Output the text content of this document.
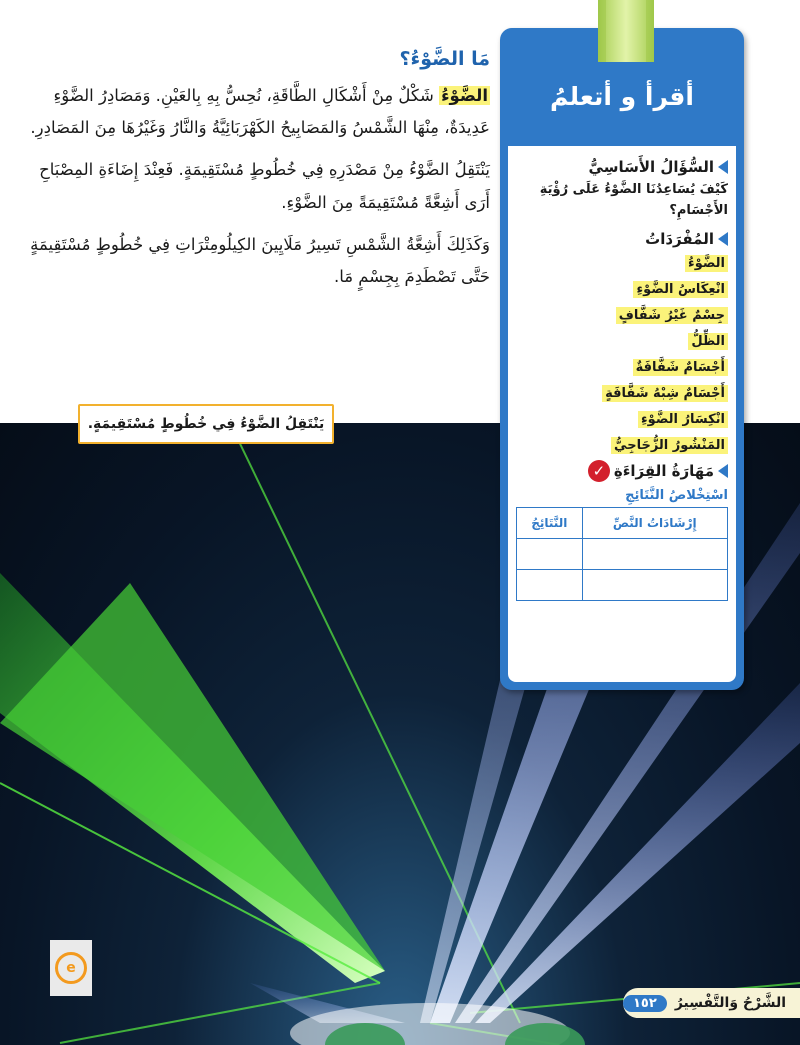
مَا الضَّوْءُ؟

الضَّوْءُ شَكْلٌ مِنْ أَشْكَالِ الطَّاقَةِ، نُحِسُّ بِهِ بِالعَيْنِ. وَمَصَادِرُ الضَّوْءِ عَدِيدَةٌ، مِنْهَا الشَّمْسُ وَالمَصَابِيحُ الكَهْرَبَائِيَّةُ وَالنَّارُ وَغَيْرُهَا مِنَ المَصَادِرِ.

يَنْتَقِلُ الضَّوْءُ مِنْ مَصْدَرِهِ فِي خُطُوطٍ مُسْتَقِيمَةٍ. فَعِنْدَ إِضَاءَةِ المِصْبَاحِ أَرَى أَشِعَّةً مُسْتَقِيمَةً مِنَ الضَّوْءِ.

وَكَذَلِكَ أَشِعَّةُ الشَّمْسِ تَسِيرُ مَلَايِينَ الكِيلُومِتْرَاتِ فِي خُطُوطٍ مُسْتَقِيمَةٍ حَتَّى تَصْطَدِمَ بِجِسْمٍ مَا.

أقرأ و أتعلمُ
السُّؤَالُ الأَسَاسِيُّ

كَيْفَ يُسَاعِدُنَا الضَّوْءُ عَلَى رُؤْيَةِ الأَجْسَامِ؟

المُفْرَدَاتُ
الضَّوْءُ
انْعِكَاسُ الضَّوْءِ
جِسْمٌ غَيْرُ شَفَّافٍ
الظِّلُّ
أَجْسَامٌ شَفَّافَةٌ
أَجْسَامٌ شِبْهُ شَفَّافَةٍ
انْكِسَارُ الضَّوْءِ
المَنْشُورُ الزُّجَاجِيُّ
مَهَارَةُ القِرَاءَةِ
✓
اسْتِخْلاصُ النَّتَائِجِ
إِرْشَادَاتُ النَّصِّ	النَّتَائِجُ

يَنْتَقِلُ الضَّوْءُ فِي خُطُوطٍ مُسْتَقِيمَةٍ.
e
الشَّرْحُ وَالتَّفْسِيرُ
١٥٢
